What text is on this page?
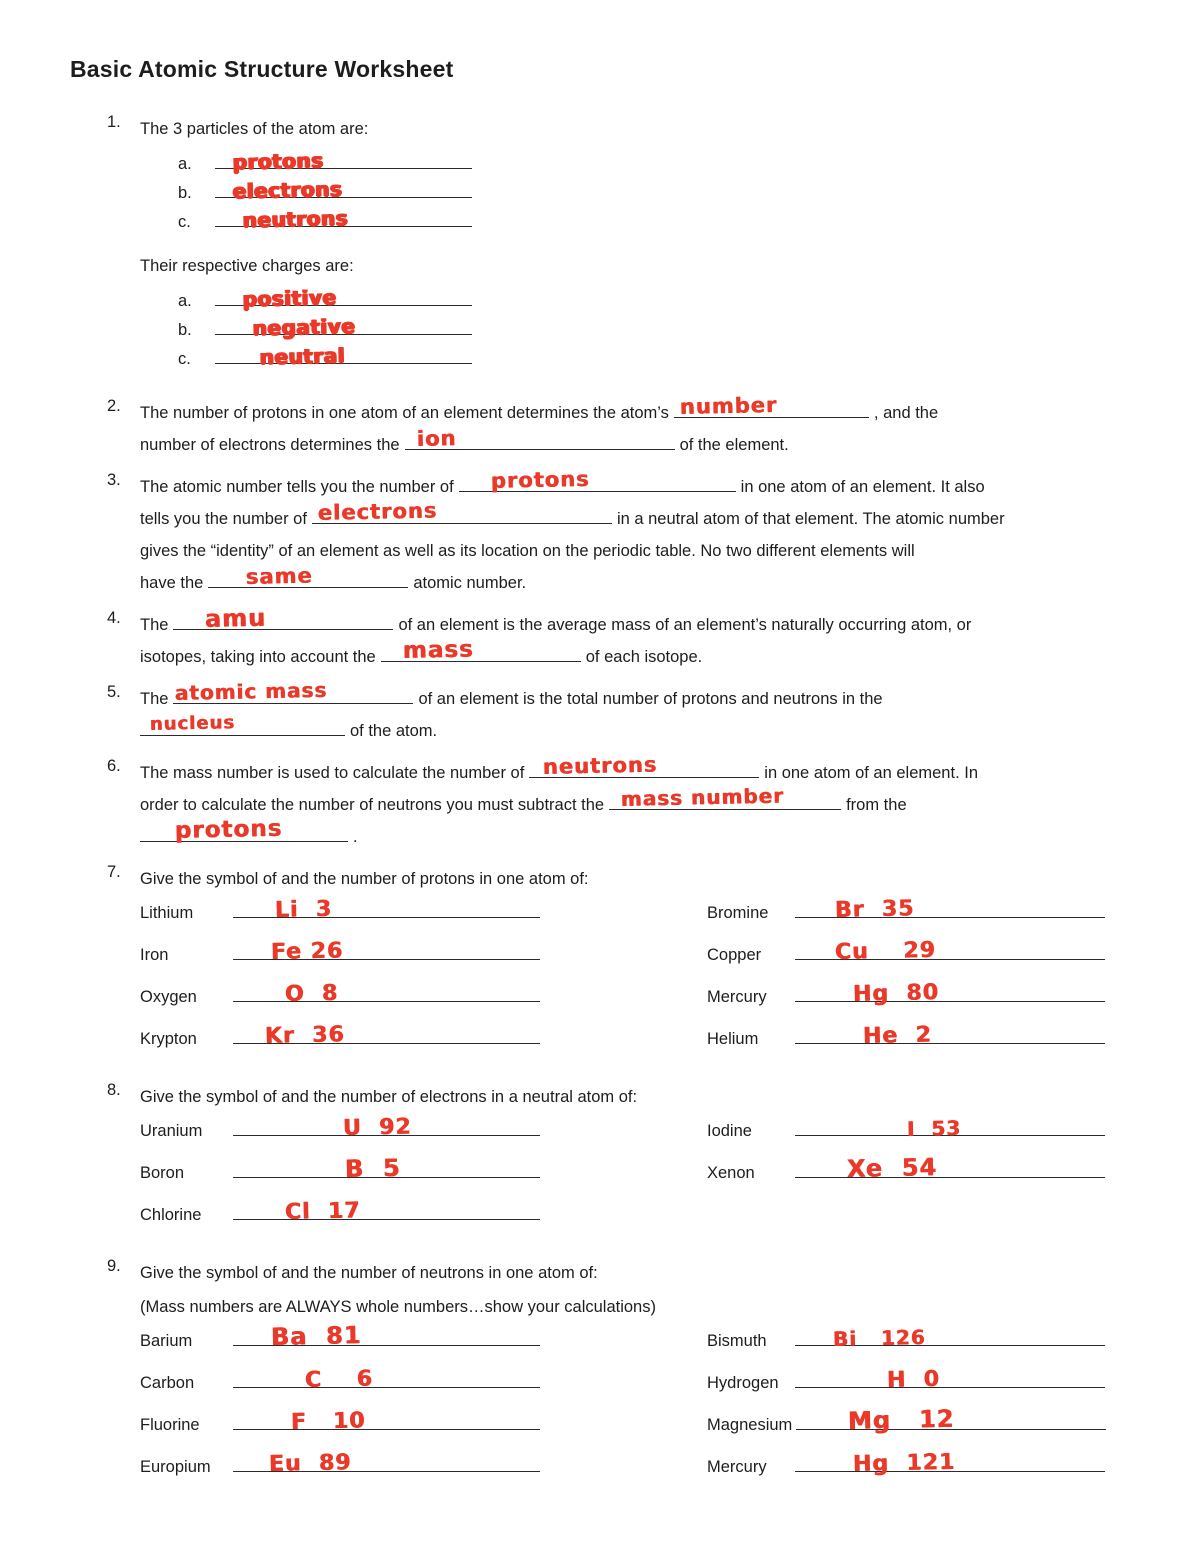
Basic Atomic Structure Worksheet
1.	The 3 particles of the atom are:
a.	protons
b.	electrons
c.	neutrons
Their respective charges are:
a.	positive
b.	negative
c.	neutral
2.	The number of protons in one atom of an element determines the atom’s number	, and the
number of electrons determines the ion	of the element.
3.	The atomic number tells you the number of protons	in one atom of an element. It also
tells you the number of electrons	in a neutral atom of that element. The atomic number
gives the “identity” of an element as well as its location on the periodic table. No two different elements will
have the same	atomic number.
4.	The amu	of an element is the average mass of an element’s naturally occurring atom, or
isotopes, taking into account the mass	of each isotope.
5.	The atomic mass	of an element is the total number of protons and neutrons in the
nucleus	of the atom.
6.	The mass number is used to calculate the number of neutrons	in one atom of an element. In
order to calculate the number of neutrons you must subtract the mass number	from the
protons	.
7.	Give the symbol of and the number of protons in one atom of:
Lithium	Li  3
Iron	Fe 26
Oxygen	O  8
Krypton	Kr  36
Bromine	Br  35
Copper	Cu    29
Mercury	Hg  80
Helium	He  2
8.	Give the symbol of and the number of electrons in a neutral atom of:
Uranium	U  92
Boron	B  5
Chlorine	Cl  17
Iodine	I  53
Xenon	Xe  54
9.	Give the symbol of and the number of neutrons in one atom of:
(Mass numbers are ALWAYS whole numbers…show your calculations)
Barium	Ba  81
Carbon	C    6
Fluorine	F   10
Europium	Eu  89
Bismuth	Bi   126
Hydrogen	H  0
Magnesium Mg   12
Mercury	Hg  121
